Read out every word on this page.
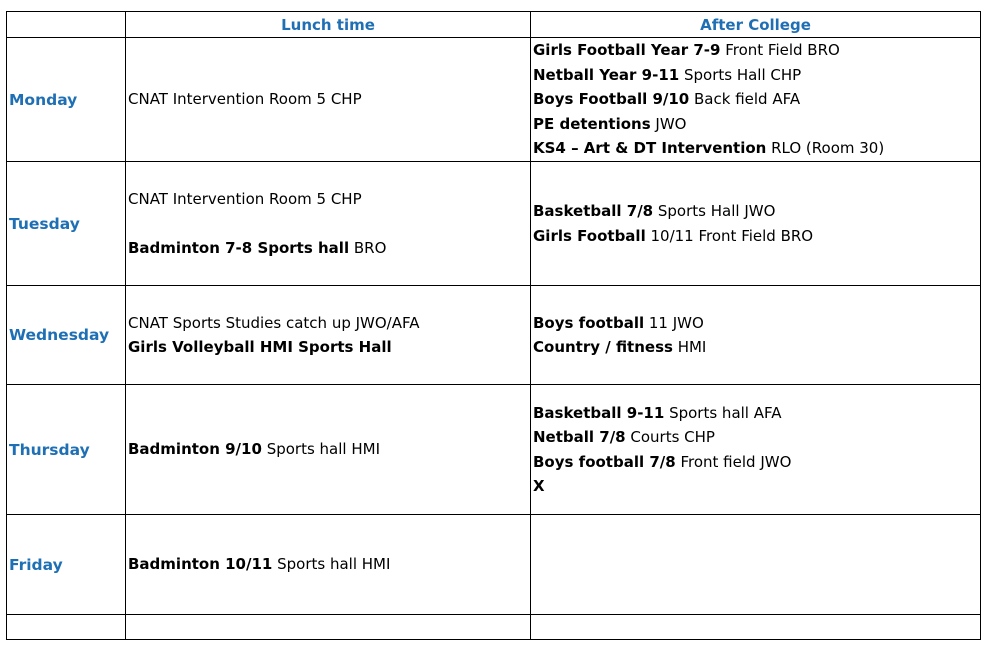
	Lunch time	After College
Monday	CNAT Intervention Room 5 CHP	Girls Football Year 7-9 Front Field BRO
Netball Year 9-11 Sports Hall CHP
Boys Football 9/10 Back field AFA
PE detentions JWO
KS4 – Art & DT Intervention RLO (Room 30)

Tuesday	CNAT Intervention Room 5 CHP
Badminton 7-8 Sports hall BRO	Basketball 7/8 Sports Hall JWO
Girls Football 10/11 Front Field BRO

Wednesday	CNAT Sports Studies catch up JWO/AFA
Girls Volleyball HMI Sports Hall	Boys football 11 JWO
Country / fitness HMI

Thursday	Badminton 9/10 Sports hall HMI	Basketball 9-11 Sports hall AFA
Netball 7/8 Courts CHP
Boys football 7/8 Front field JWO
X

Friday	Badminton 10/11 Sports hall HMI	
